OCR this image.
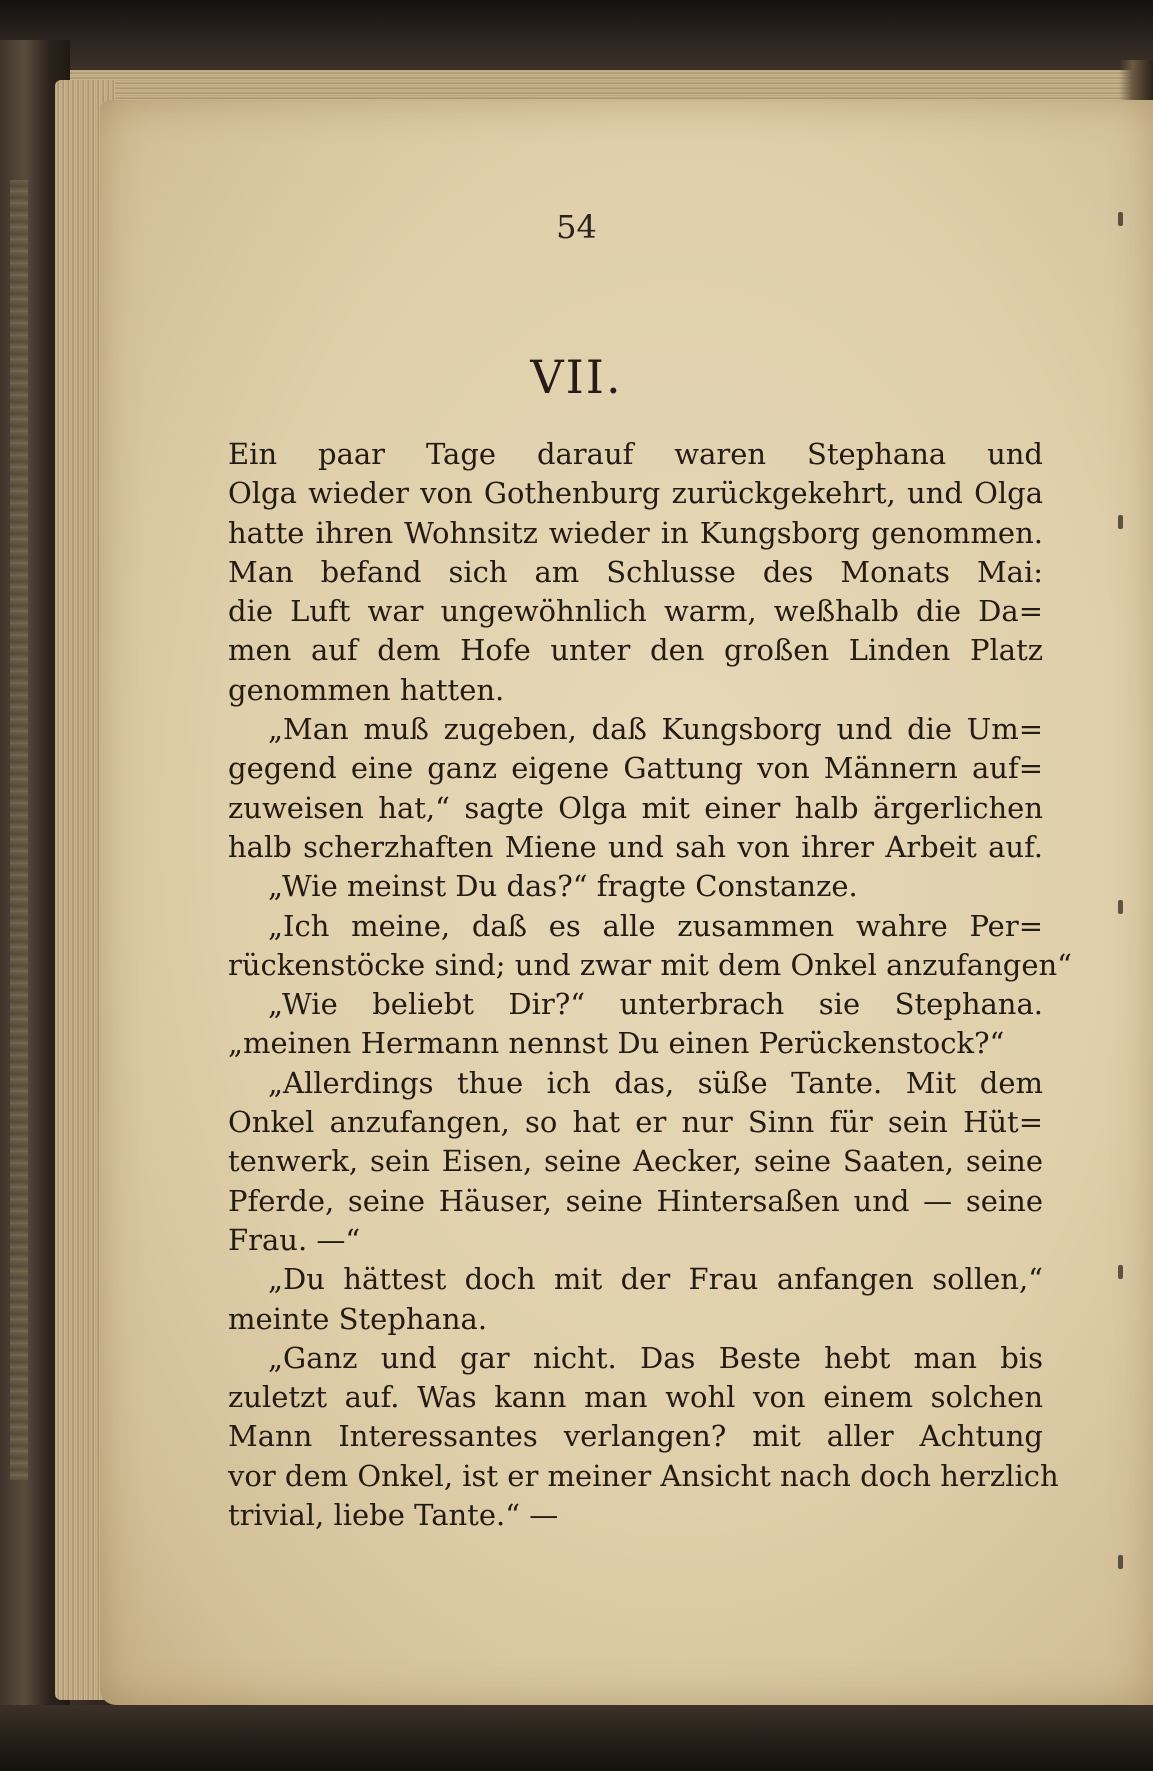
54
VII.
Ein paar Tage darauf waren Stephana und
Olga wieder von Gothenburg zurückgekehrt, und Olga
hatte ihren Wohnsitz wieder in Kungsborg genommen.
Man befand sich am Schlusse des Monats Mai:
die Luft war ungewöhnlich warm, weßhalb die Da=
men auf dem Hofe unter den großen Linden Platz
genommen hatten.
„Man muß zugeben, daß Kungsborg und die Um=
gegend eine ganz eigene Gattung von Männern auf=
zuweisen hat,“ sagte Olga mit einer halb ärgerlichen
halb scherzhaften Miene und sah von ihrer Arbeit auf.
„Wie meinst Du das?“ fragte Constanze.
„Ich meine, daß es alle zusammen wahre Per=
rückenstöcke sind; und zwar mit dem Onkel anzufangen“
„Wie beliebt Dir?“ unterbrach sie Stephana.
„meinen Hermann nennst Du einen Perückenstock?“
„Allerdings thue ich das, süße Tante. Mit dem
Onkel anzufangen, so hat er nur Sinn für sein Hüt=
tenwerk, sein Eisen, seine Aecker, seine Saaten, seine
Pferde, seine Häuser, seine Hintersaßen und — seine
Frau. —“
„Du hättest doch mit der Frau anfangen sollen,“
meinte Stephana.
„Ganz und gar nicht. Das Beste hebt man bis
zuletzt auf. Was kann man wohl von einem solchen
Mann Interessantes verlangen? mit aller Achtung
vor dem Onkel, ist er meiner Ansicht nach doch herzlich
trivial, liebe Tante.“ —
